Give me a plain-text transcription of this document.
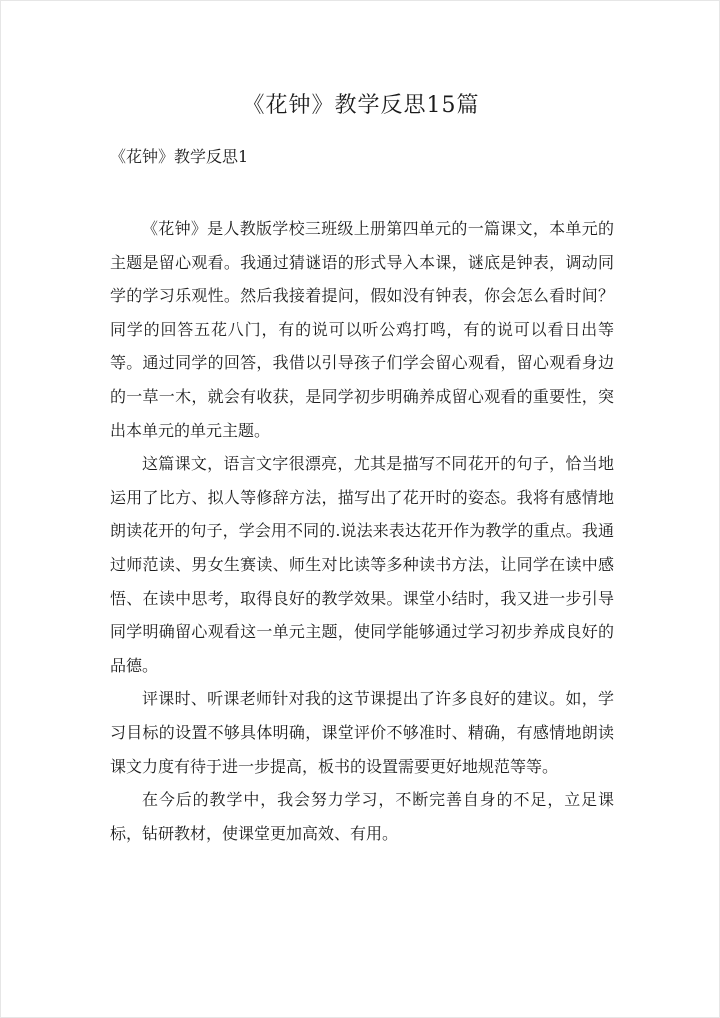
《花钟》教学反思15篇
《花钟》教学反思1

《花钟》是人教版学校三班级上册第四单元的一篇课文，本单元的主题是留心观看。我通过猜谜语的形式导入本课，谜底是钟表，调动同学的学习乐观性。然后我接着提问，假如没有钟表，你会怎么看时间？同学的回答五花八门，有的说可以听公鸡打鸣，有的说可以看日出等等。通过同学的回答，我借以引导孩子们学会留心观看，留心观看身边的一草一木，就会有收获，是同学初步明确养成留心观看的重要性，突出本单元的单元主题。

这篇课文，语言文字很漂亮，尤其是描写不同花开的句子，恰当地运用了比方、拟人等修辞方法，描写出了花开时的姿态。我将有感情地朗读花开的句子，学会用不同的.说法来表达花开作为教学的重点。我通过师范读、男女生赛读、师生对比读等多种读书方法，让同学在读中感悟、在读中思考，取得良好的教学效果。课堂小结时，我又进一步引导同学明确留心观看这一单元主题，使同学能够通过学习初步养成良好的品德。

评课时、听课老师针对我的这节课提出了许多良好的建议。如，学习目标的设置不够具体明确，课堂评价不够准时、精确，有感情地朗读课文力度有待于进一步提高，板书的设置需要更好地规范等等。

在今后的教学中，我会努力学习，不断完善自身的不足，立足课标，钻研教材，使课堂更加高效、有用。
